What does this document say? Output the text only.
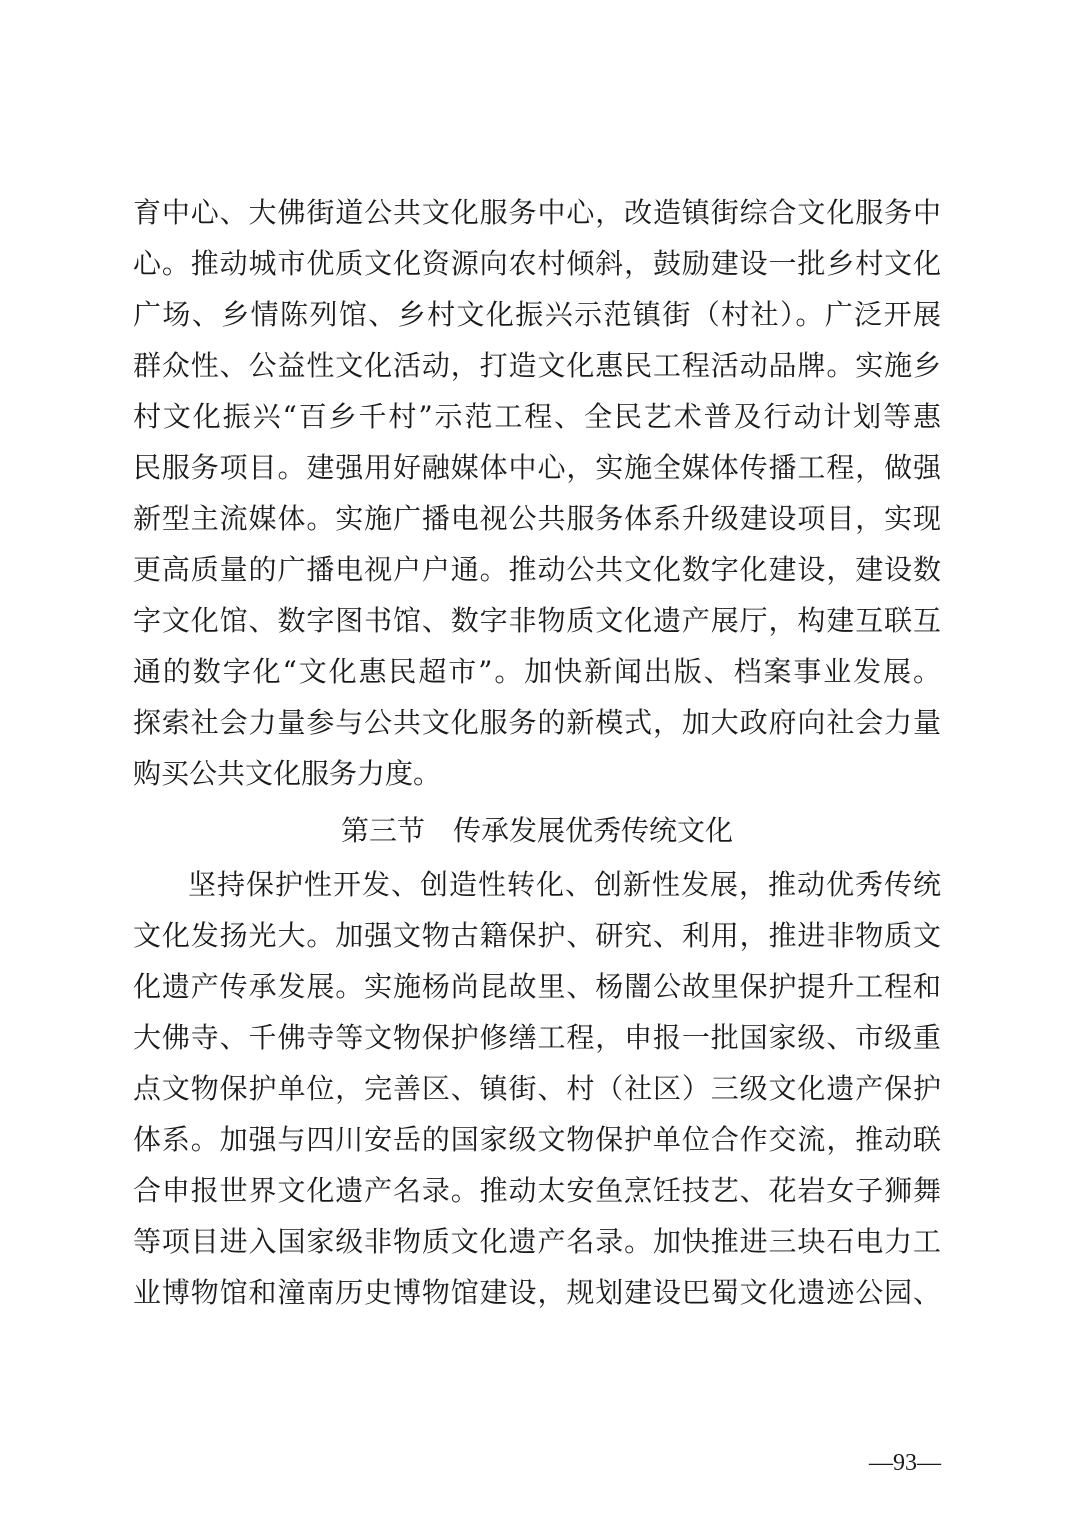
育中心、大佛街道公共文化服务中心，改造镇街综合文化服务中
心。推动城市优质文化资源向农村倾斜，鼓励建设一批乡村文化
广场、乡情陈列馆、乡村文化振兴示范镇街（村社）。广泛开展
群众性、公益性文化活动，打造文化惠民工程活动品牌。实施乡
村文化振兴“百乡千村”示范工程、全民艺术普及行动计划等惠
民服务项目。建强用好融媒体中心，实施全媒体传播工程，做强
新型主流媒体。实施广播电视公共服务体系升级建设项目，实现
更高质量的广播电视户户通。推动公共文化数字化建设，建设数
字文化馆、数字图书馆、数字非物质文化遗产展厅，构建互联互
通的数字化“文化惠民超市”。加快新闻出版、档案事业发展。
探索社会力量参与公共文化服务的新模式，加大政府向社会力量
购买公共文化服务力度。
第三节　传承发展优秀传统文化
坚持保护性开发、创造性转化、创新性发展，推动优秀传统
文化发扬光大。加强文物古籍保护、研究、利用，推进非物质文
化遗产传承发展。实施杨尚昆故里、杨闇公故里保护提升工程和
大佛寺、千佛寺等文物保护修缮工程，申报一批国家级、市级重
点文物保护单位，完善区、镇街、村（社区）三级文化遗产保护
体系。加强与四川安岳的国家级文物保护单位合作交流，推动联
合申报世界文化遗产名录。推动太安鱼烹饪技艺、花岩女子狮舞
等项目进入国家级非物质文化遗产名录。加快推进三块石电力工
业博物馆和潼南历史博物馆建设，规划建设巴蜀文化遗迹公园、
—93—
